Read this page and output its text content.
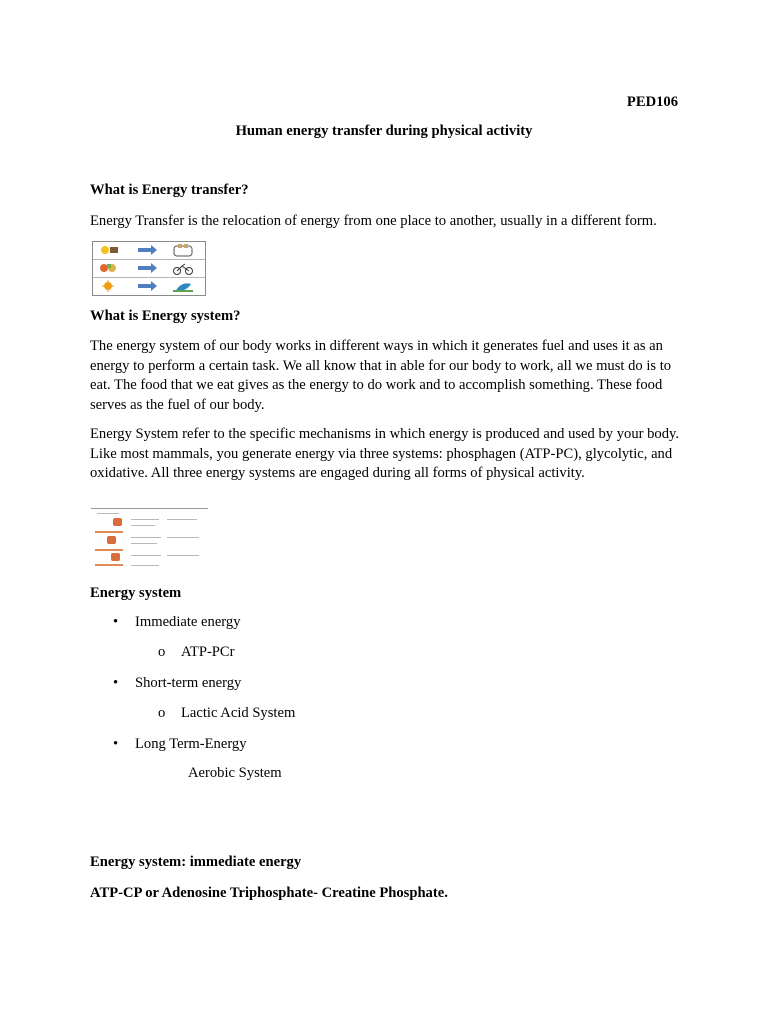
PED106
Human energy transfer during physical activity
What is Energy transfer?
Energy Transfer is the relocation of energy from one place to another, usually in a different form.
What is Energy system?
The energy system of our body works in different ways in which it generates fuel and uses it as an energy to perform a certain task. We all know that in able for our body to work, all we must do is to eat. The food that we eat gives as the energy to do work and to accomplish something. These food serves as the fuel of our body.
Energy System refer to the specific mechanisms in which energy is produced and used by your body. Like most mammals, you generate energy via three systems: phosphagen (ATP-PC), glycolytic, and oxidative. All three energy systems are engaged during all forms of physical activity.
Energy system
• Immediate energy
o ATP-PCr
• Short-term energy
o Lactic Acid System
• Long Term-Energy
Aerobic System
Energy system: immediate energy
ATP-CP or Adenosine Triphosphate- Creatine Phosphate.
